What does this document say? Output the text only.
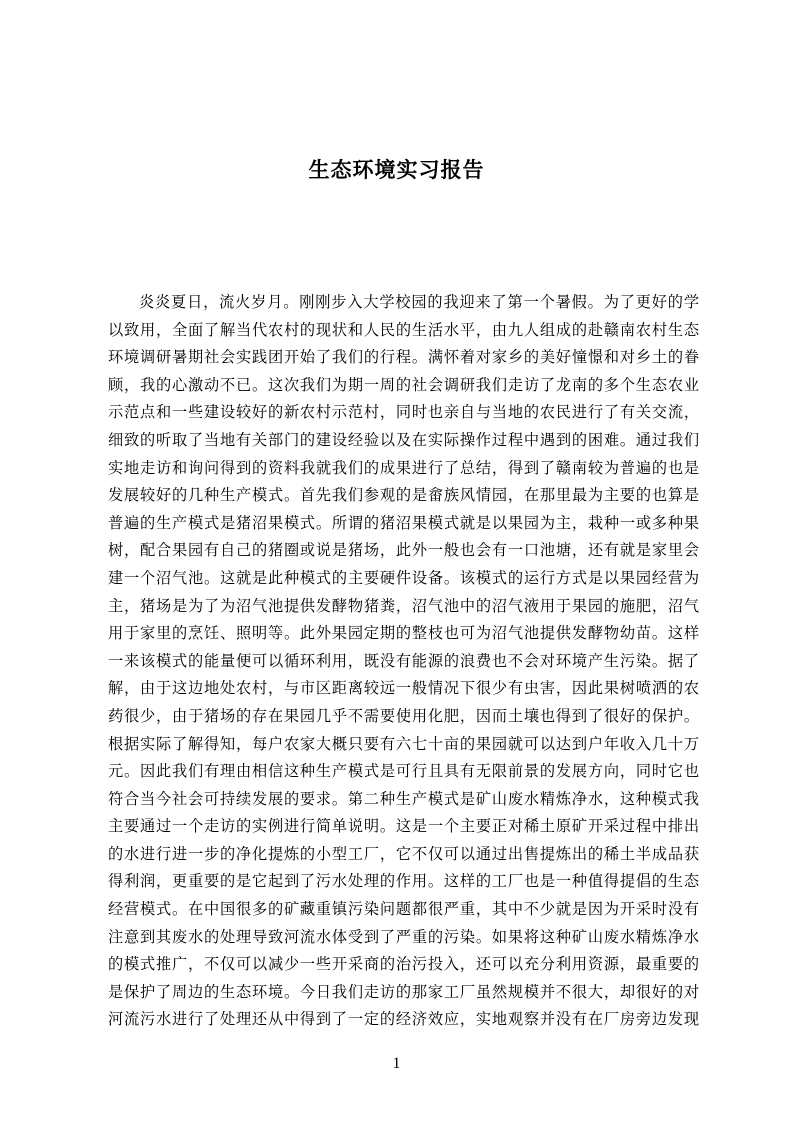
生态环境实习报告
炎炎夏日，流火岁月。刚刚步入大学校园的我迎来了第一个暑假。为了更好的学
以致用，全面了解当代农村的现状和人民的生活水平，由九人组成的赴赣南农村生态
环境调研暑期社会实践团开始了我们的行程。满怀着对家乡的美好憧憬和对乡土的眷
顾，我的心激动不已。这次我们为期一周的社会调研我们走访了龙南的多个生态农业
示范点和一些建设较好的新农村示范村，同时也亲自与当地的农民进行了有关交流，
细致的听取了当地有关部门的建设经验以及在实际操作过程中遇到的困难。通过我们
实地走访和询问得到的资料我就我们的成果进行了总结，得到了赣南较为普遍的也是
发展较好的几种生产模式。首先我们参观的是畲族风情园，在那里最为主要的也算是
普遍的生产模式是猪沼果模式。所谓的猪沼果模式就是以果园为主，栽种一或多种果
树，配合果园有自己的猪圈或说是猪场，此外一般也会有一口池塘，还有就是家里会
建一个沼气池。这就是此种模式的主要硬件设备。该模式的运行方式是以果园经营为
主，猪场是为了为沼气池提供发酵物猪粪，沼气池中的沼气液用于果园的施肥，沼气
用于家里的烹饪、照明等。此外果园定期的整枝也可为沼气池提供发酵物幼苗。这样
一来该模式的能量便可以循环利用，既没有能源的浪费也不会对环境产生污染。据了
解，由于这边地处农村，与市区距离较远一般情况下很少有虫害，因此果树喷洒的农
药很少，由于猪场的存在果园几乎不需要使用化肥，因而土壤也得到了很好的保护。
根据实际了解得知，每户农家大概只要有六七十亩的果园就可以达到户年收入几十万
元。因此我们有理由相信这种生产模式是可行且具有无限前景的发展方向，同时它也
符合当今社会可持续发展的要求。第二种生产模式是矿山废水精炼净水，这种模式我
主要通过一个走访的实例进行简单说明。这是一个主要正对稀土原矿开采过程中排出
的水进行进一步的净化提炼的小型工厂，它不仅可以通过出售提炼出的稀土半成品获
得利润，更重要的是它起到了污水处理的作用。这样的工厂也是一种值得提倡的生态
经营模式。在中国很多的矿藏重镇污染问题都很严重，其中不少就是因为开采时没有
注意到其废水的处理导致河流水体受到了严重的污染。如果将这种矿山废水精炼净水
的模式推广，不仅可以减少一些开采商的治污投入，还可以充分利用资源，最重要的
是保护了周边的生态环境。今日我们走访的那家工厂虽然规模并不很大，却很好的对
河流污水进行了处理还从中得到了一定的经济效应，实地观察并没有在厂房旁边发现
1
